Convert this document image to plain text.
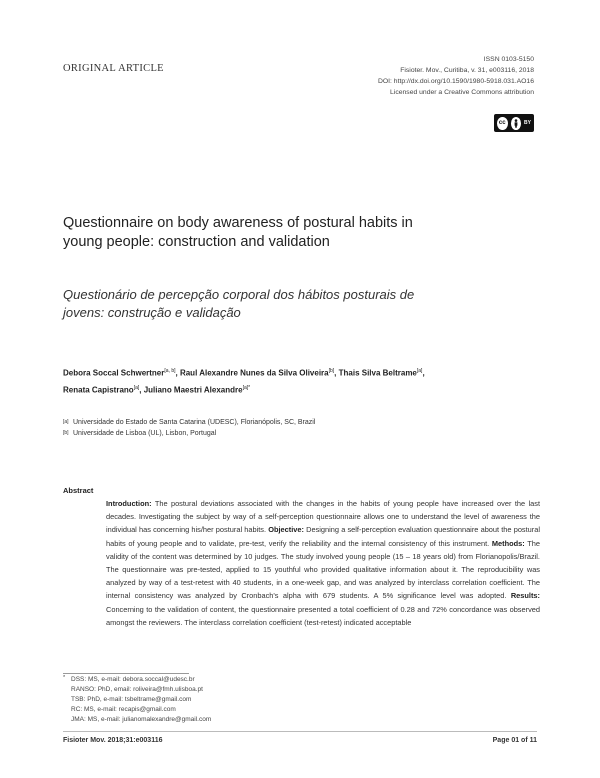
ORIGINAL ARTICLE
ISSN 0103-5150
Fisioter. Mov., Curitiba, v. 31, e003116, 2018
DOI: http://dx.doi.org/10.1590/1980-5918.031.AO16
Licensed under a Creative Commons attribution
cc	BY
Questionnaire on body awareness of postural habits in young people: construction and validation
Questionário de percepção corporal dos hábitos posturais de jovens: construção e validação
Debora Soccal Schwertner[a, b], Raul Alexandre Nunes da Silva Oliveira[b], Thais Silva Beltrame[a],
Renata Capistrano[a], Juliano Maestri Alexandre$^{[a]*}$
[a] Universidade do Estado de Santa Catarina (UDESC), Florianópolis, SC, Brazil
[b] Universidade de Lisboa (UL), Lisbon, Portugal
Abstract
Introduction: The postural deviations associated with the changes in the habits of young people have increased over the last decades. Investigating the subject by way of a self-perception questionnaire allows one to understand the level of awareness the individual has concerning his/her postural habits. Objective: Designing a self-perception evaluation questionnaire about the postural habits of young people and to validate, pre-test, verify the reliability and the internal consistency of this instrument. Methods: The validity of the content was determined by 10 judges. The study involved young people (15 – 18 years old) from Florianopolis/Brazil. The questionnaire was pre-tested, applied to 15 youthful who provided qualitative information about it. The reproducibility was analyzed by way of a test-retest with 40 students, in a one-week gap, and was analyzed by interclass correlation coefficient. The internal consistency was analyzed by Cronbach's alpha with 679 students. A 5% significance level was adopted. Results: Concerning to the validation of content, the questionnaire presented a total coefficient of 0.28 and 72% concordance was observed amongst the reviewers. The interclass correlation coefficient (test-retest) indicated acceptable
* DSS: MS, e-mail: debora.soccal@udesc.br
RANSO: PhD, email: roliveira@fmh.ulisboa.pt
TSB: PhD, e-mail: tsbeltrame@gmail.com
RC: MS, e-mail: recapis@gmail.com
JMA: MS, e-mail: julianomalexandre@gmail.com
Fisioter Mov. 2018;31:e003116	Page 01 of 11
